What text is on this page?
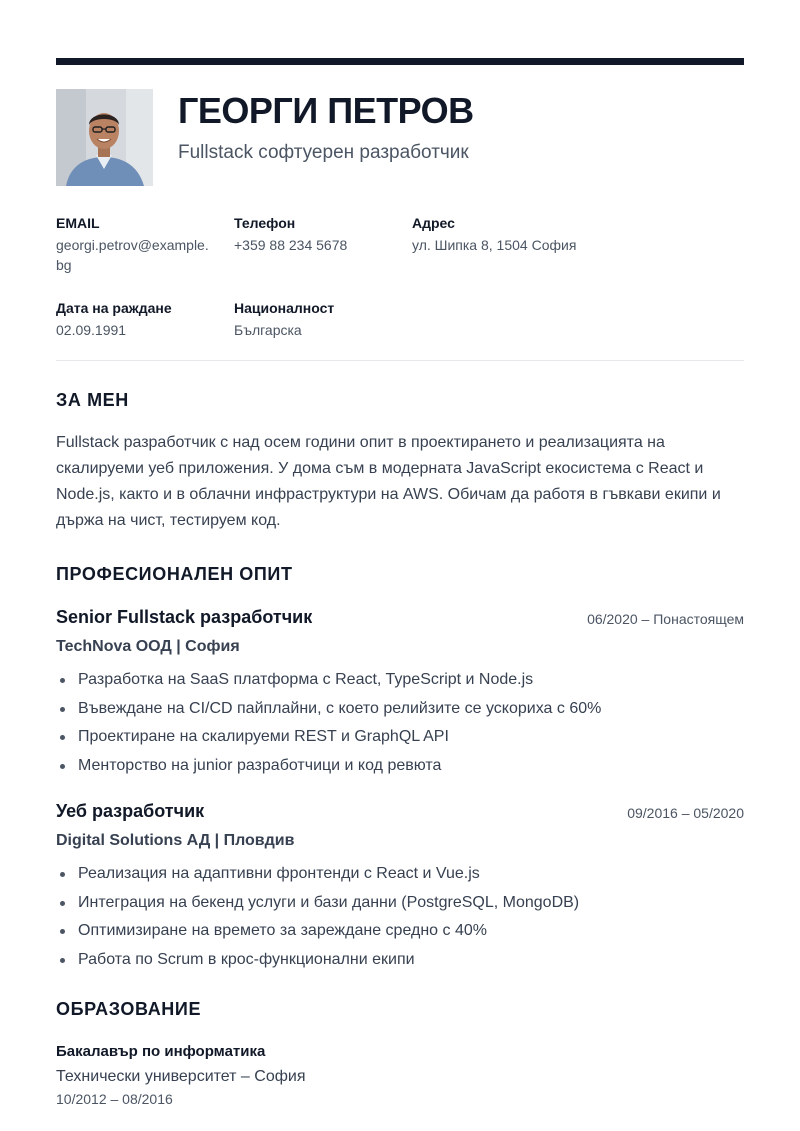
ГЕОРГИ ПЕТРОВ
Fullstack софтуерен разработчик
EMAIL
georgi.petrov@example.bg
Телефон
+359 88 234 5678
Адрес
ул. Шипка 8, 1504 София
Дата на раждане
02.09.1991
Националност
Българска
ЗА МЕН
Fullstack разработчик с над осем години опит в проектирането и реализацията на скалируеми уеб приложения. У дома съм в модерната JavaScript екосистема с React и Node.js, както и в облачни инфраструктури на AWS. Обичам да работя в гъвкави екипи и държа на чист, тестируем код.
ПРОФЕСИОНАЛЕН ОПИТ
Senior Fullstack разработчик	06/2020 – Понастоящем
TechNova ООД | София
Разработка на SaaS платформа с React, TypeScript и Node.js
Въвеждане на CI/CD пайплайни, с което релийзите се ускориха с 60%
Проектиране на скалируеми REST и GraphQL API
Менторство на junior разработчици и код ревюта
Уеб разработчик	09/2016 – 05/2020
Digital Solutions АД | Пловдив
Реализация на адаптивни фронтенди с React и Vue.js
Интеграция на бекенд услуги и бази данни (PostgreSQL, MongoDB)
Оптимизиране на времето за зареждане средно с 40%
Работа по Scrum в крос-функционални екипи
ОБРАЗОВАНИЕ
Бакалавър по информатика
Технически университет – София
10/2012 – 08/2016
